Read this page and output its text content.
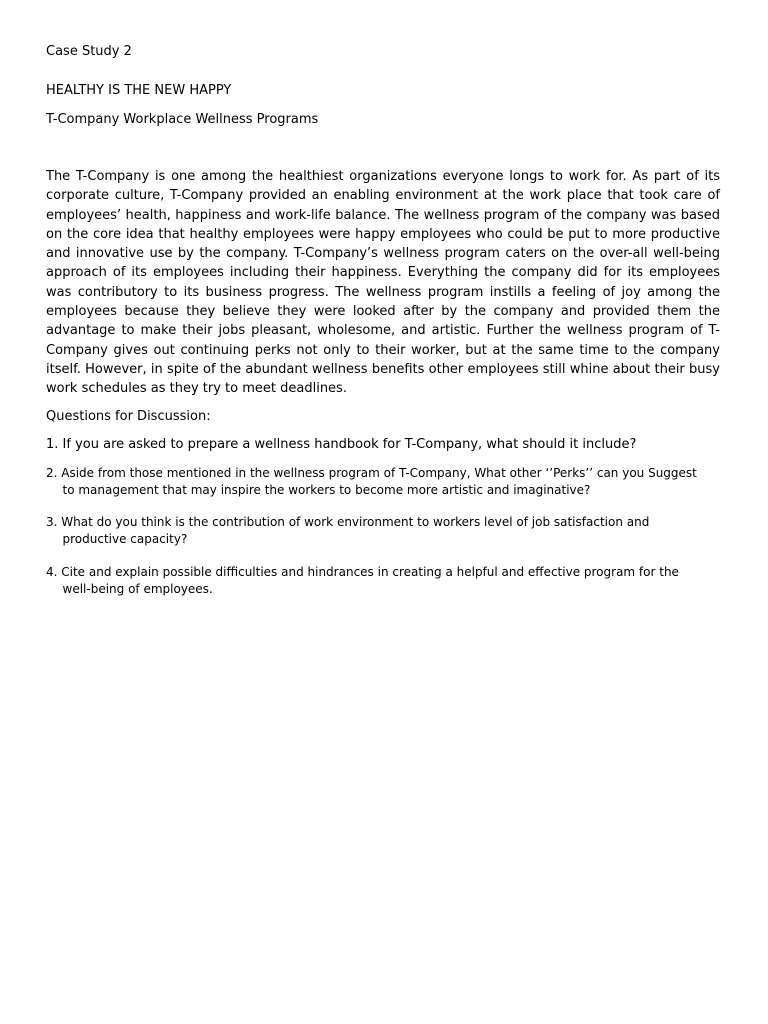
Case Study 2

HEALTHY IS THE NEW HAPPY

T-Company Workplace Wellness Programs

The T-Company is one among the healthiest organizations everyone longs to work for. As part of its corporate culture, T-Company provided an enabling environment at the work place that took care of employees’ health, happiness and work-life balance. The wellness program of the company was based on the core idea that healthy employees were happy employees who could be put to more productive and innovative use by the company. T-Company’s wellness program caters on the over-all well-being approach of its employees including their happiness. Everything the company did for its employees was contributory to its business progress. The wellness program instills a feeling of joy among the employees because they believe they were looked after by the company and provided them the advantage to make their jobs pleasant, wholesome, and artistic. Further the wellness program of T-Company gives out continuing perks not only to their worker, but at the same time to the company itself. However, in spite of the abundant wellness benefits other employees still whine about their busy work schedules as they try to meet deadlines.

Questions for Discussion:

1. If you are asked to prepare a wellness handbook for T-Company, what should it include?

2. Aside from those mentioned in the wellness program of T-Company, What other ‘’Perks’’ can you Suggest
to management that may inspire the workers to become more artistic and imaginative?
3. What do you think is the contribution of work environment to workers level of job satisfaction and
productive capacity?
4. Cite and explain possible difficulties and hindrances in creating a helpful and effective program for the
well-being of employees.
